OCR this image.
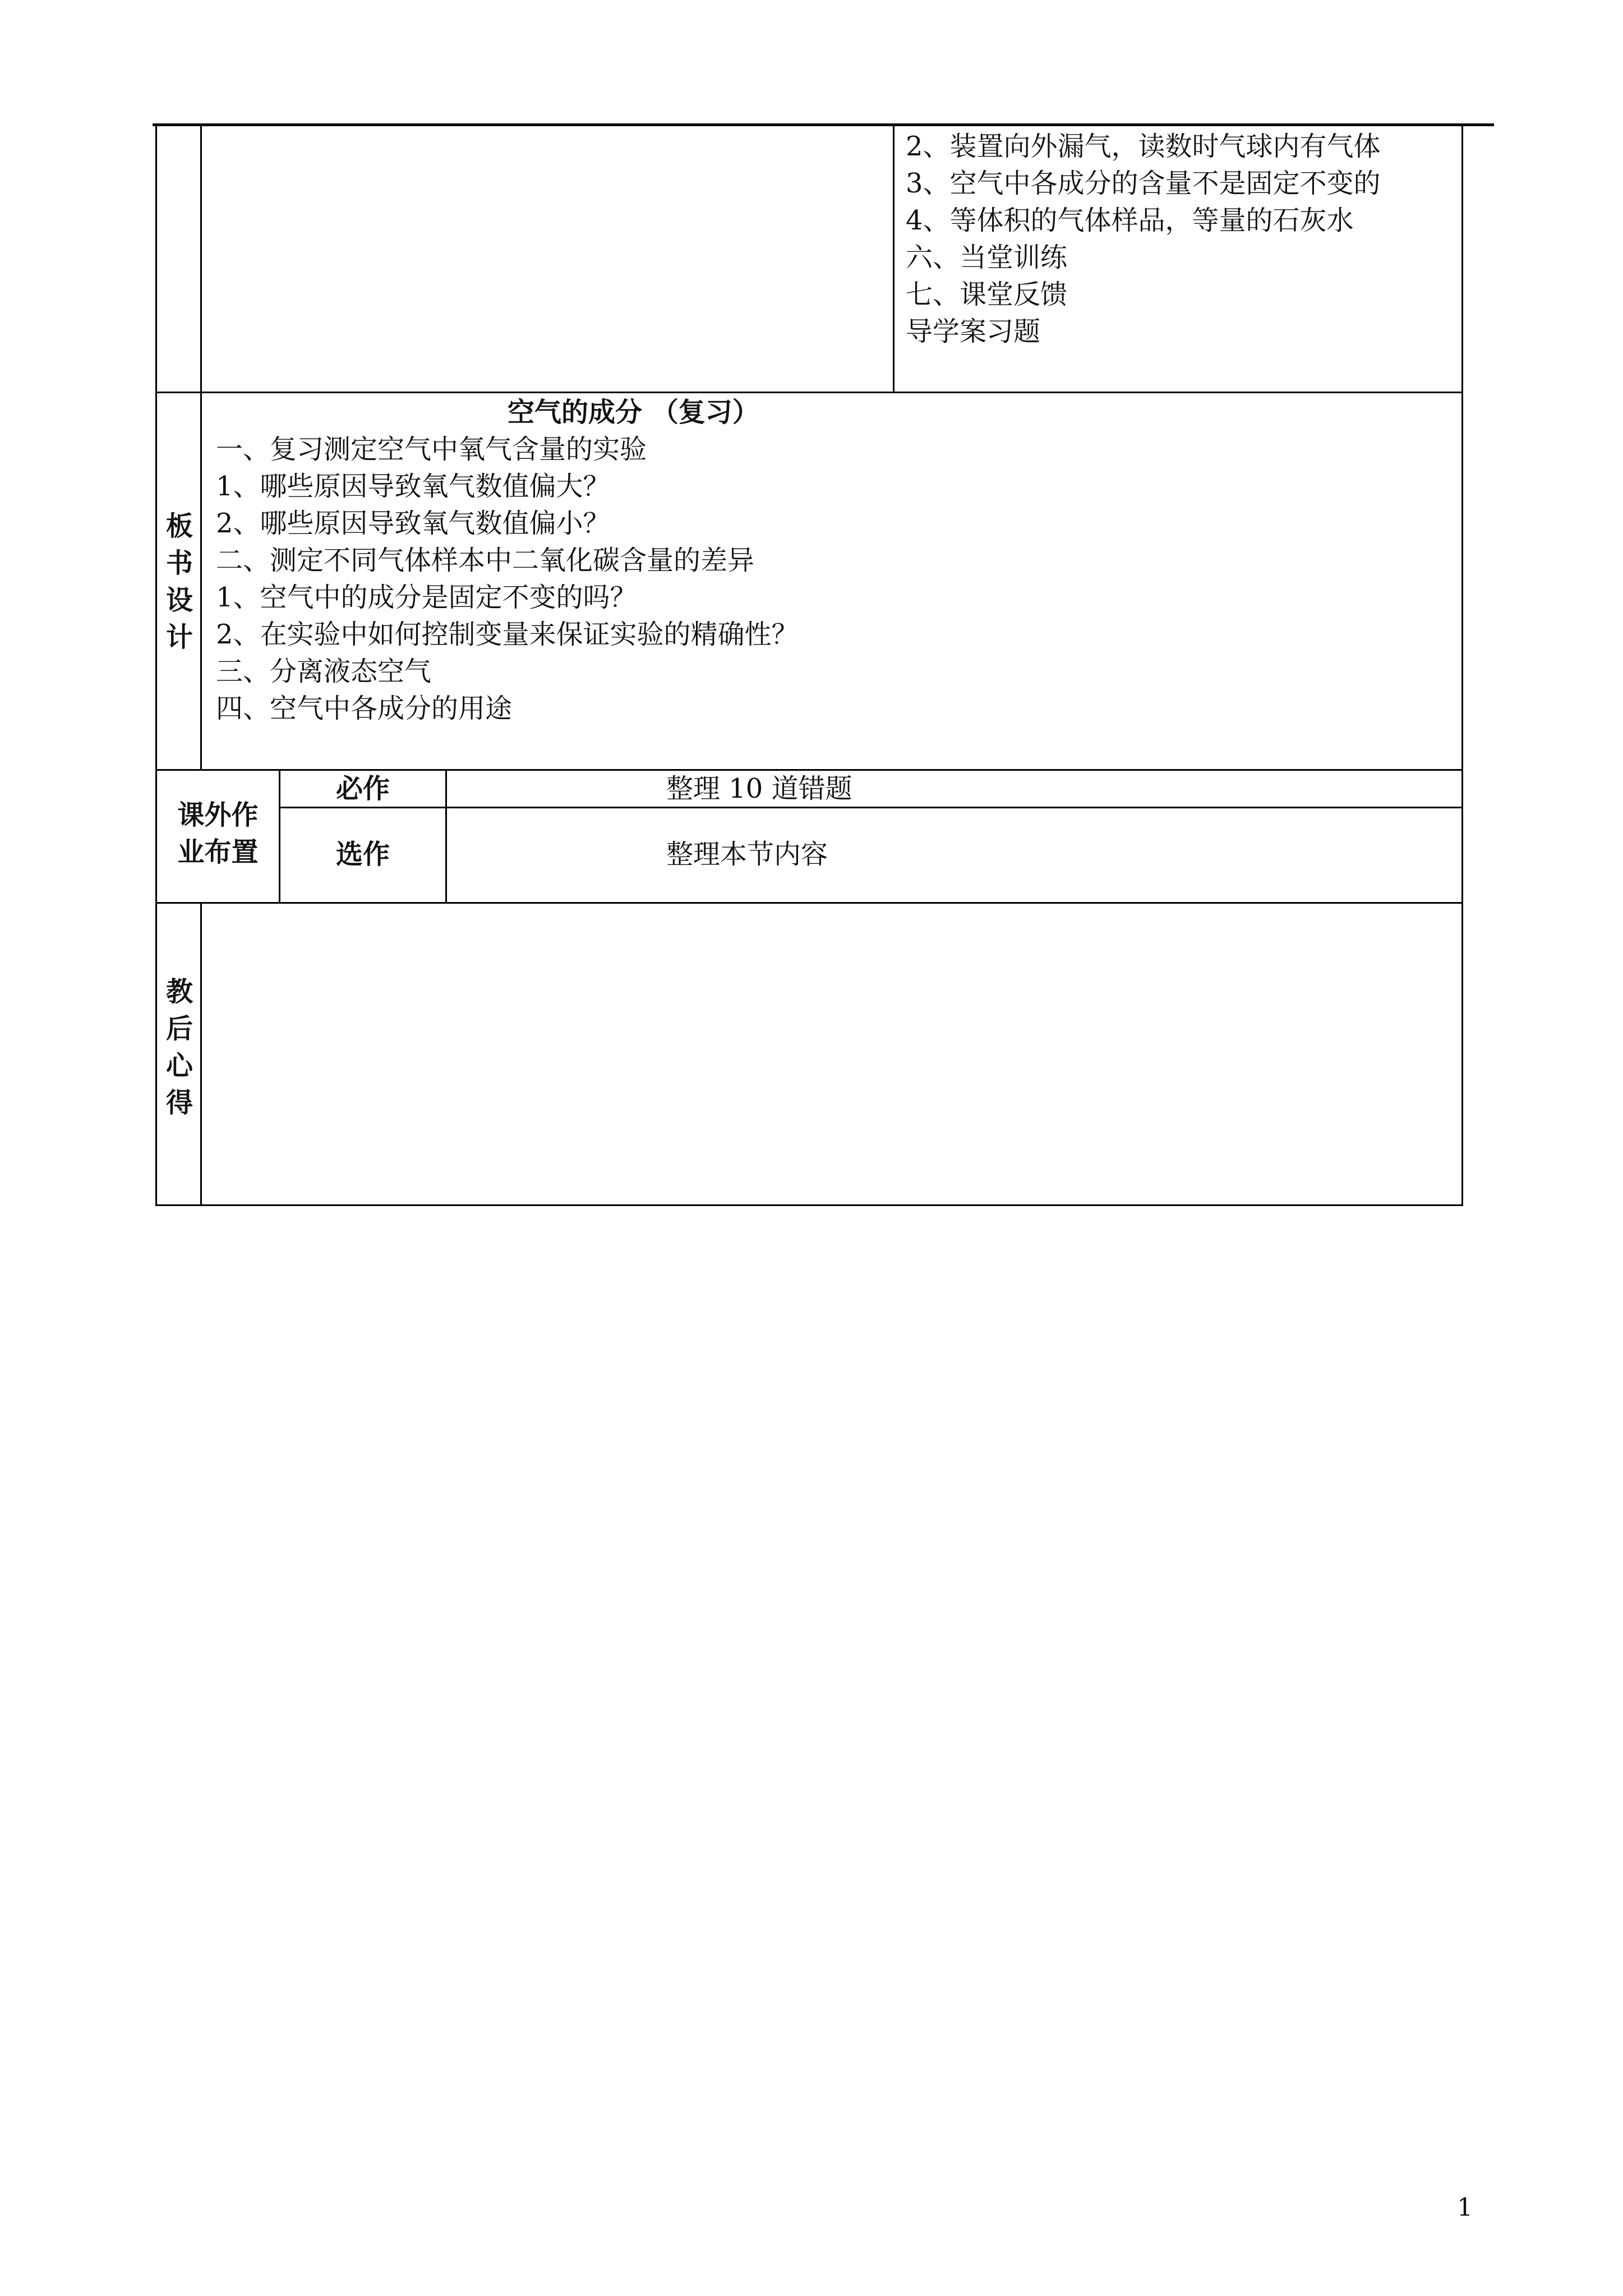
2、装置向外漏气，读数时气球内有气体
3、空气中各成分的含量不是固定不变的
4、等体积的气体样品，等量的石灰水
六、当堂训练
七、课堂反馈
导学案习题
板
书
设
计
空气的成分 （复习）
一、复习测定空气中氧气含量的实验
1、哪些原因导致氧气数值偏大？
2、哪些原因导致氧气数值偏小？
二、测定不同气体样本中二氧化碳含量的差异
1、空气中的成分是固定不变的吗？
2、在实验中如何控制变量来保证实验的精确性？
三、分离液态空气
四、空气中各成分的用途
课外作
业布置
必作	整理 10 道错题
选作	整理本节内容
教
后
心
得
1
